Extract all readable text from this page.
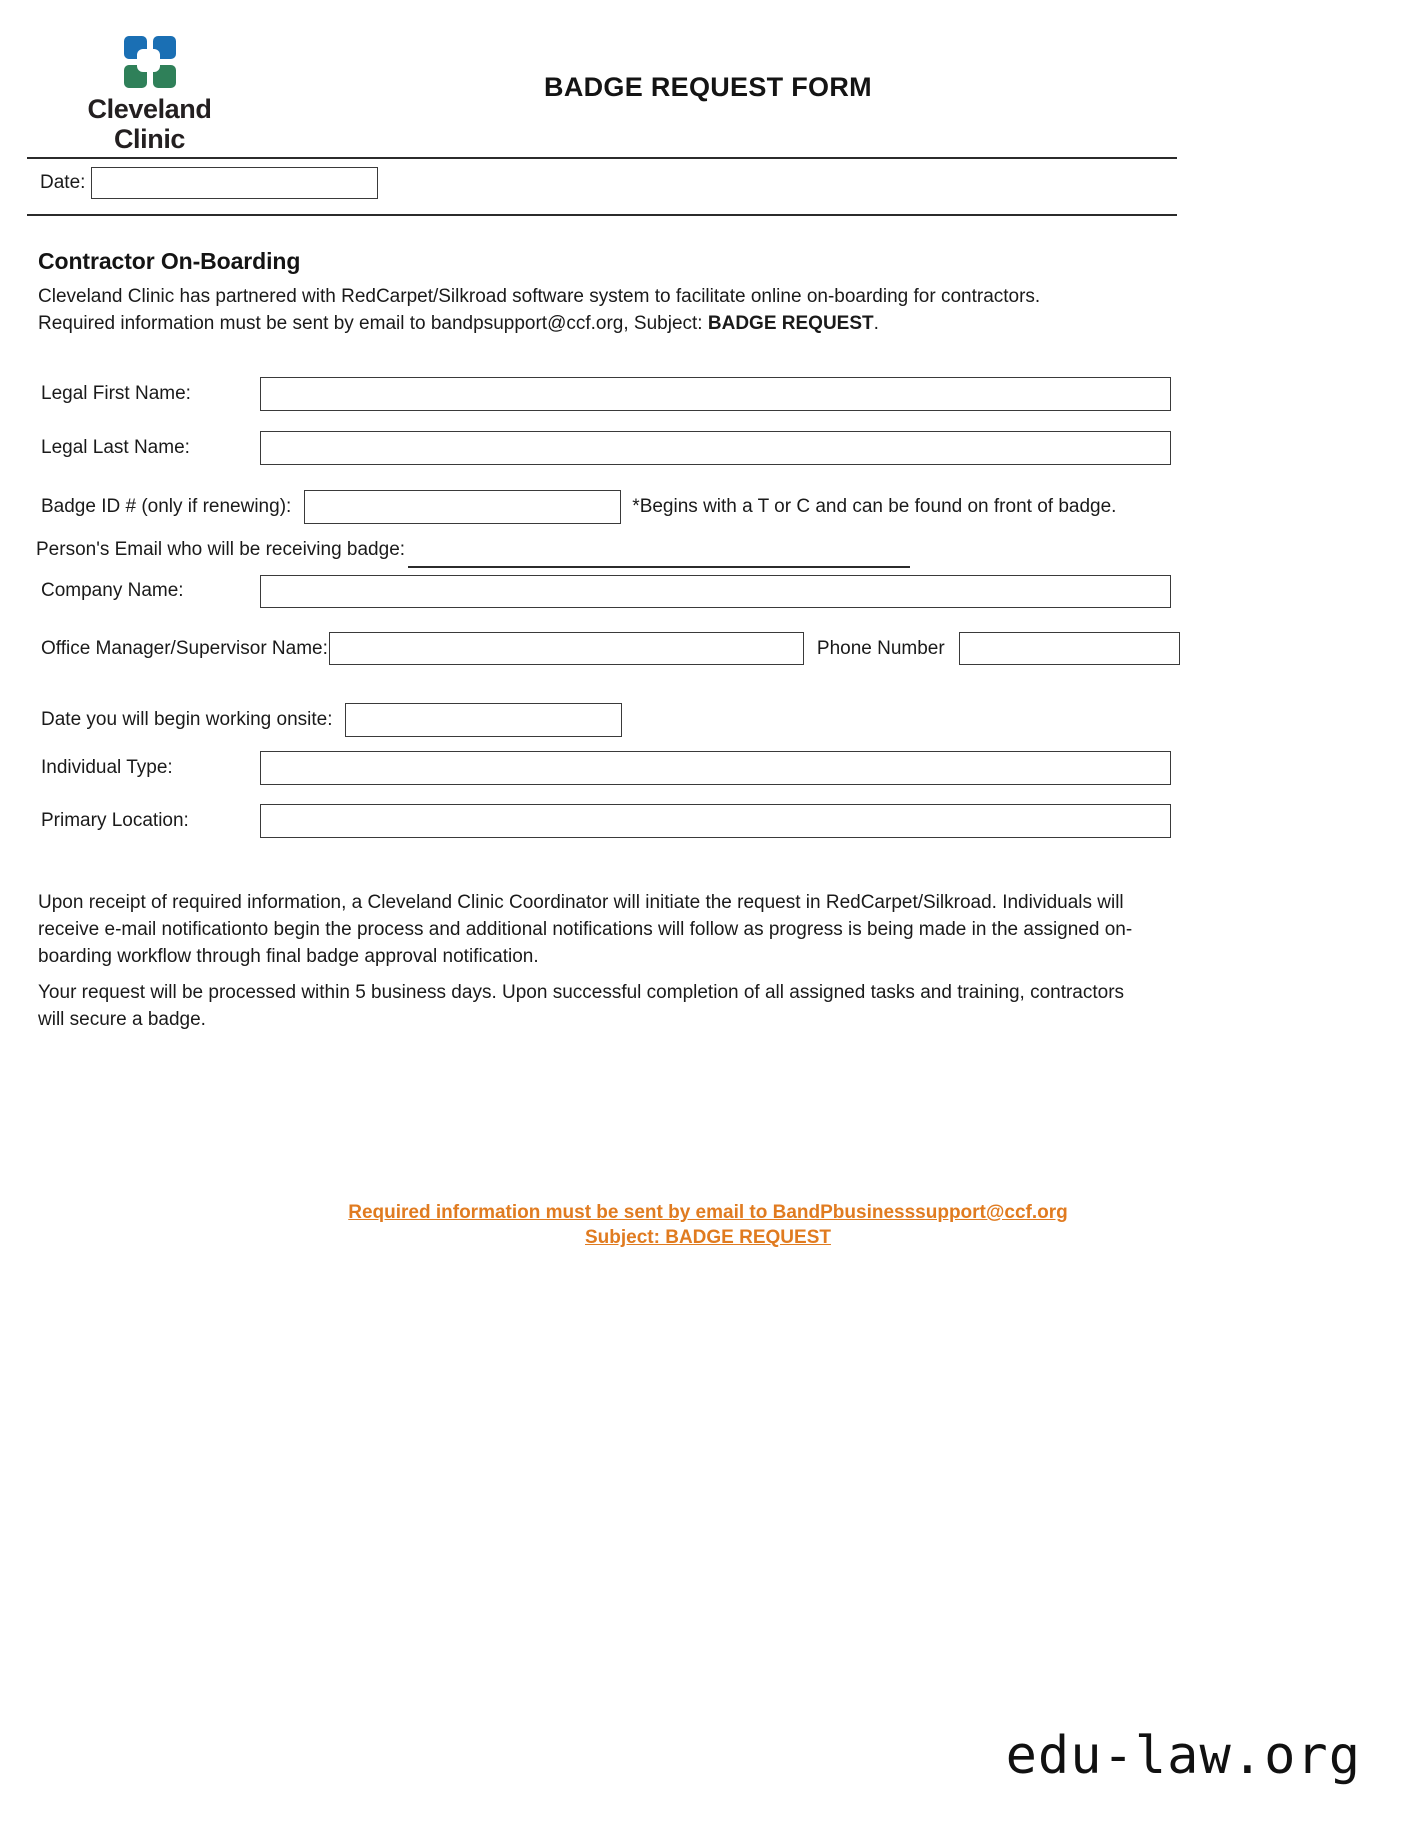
Cleveland
Clinic
BADGE REQUEST FORM
Date:
Contractor On-Boarding
Cleveland Clinic has partnered with RedCarpet/Silkroad software system to facilitate online on-boarding for contractors. Required information must be sent by email to bandpsupport@ccf.org, Subject: BADGE REQUEST.
Legal First Name:
Legal Last Name:
Badge ID # (only if renewing):	*Begins with a T or C and can be found on front of badge.
Person's Email who will be receiving badge:
Company Name:
Office Manager/Supervisor Name:	Phone Number
Date you will begin working onsite:
Individual Type:
Primary Location:
Upon receipt of required information, a Cleveland Clinic Coordinator will initiate the request in RedCarpet/Silkroad. Individuals will receive e-mail notificationto begin the process and additional notifications will follow as progress is being made in the assigned on-boarding workflow through final badge approval notification.
Your request will be processed within 5 business days. Upon successful completion of all assigned tasks and training, contractors will secure a badge.
Required information must be sent by email to BandPbusinesssupport@ccf.org
Subject: BADGE REQUEST
edu-law.org
